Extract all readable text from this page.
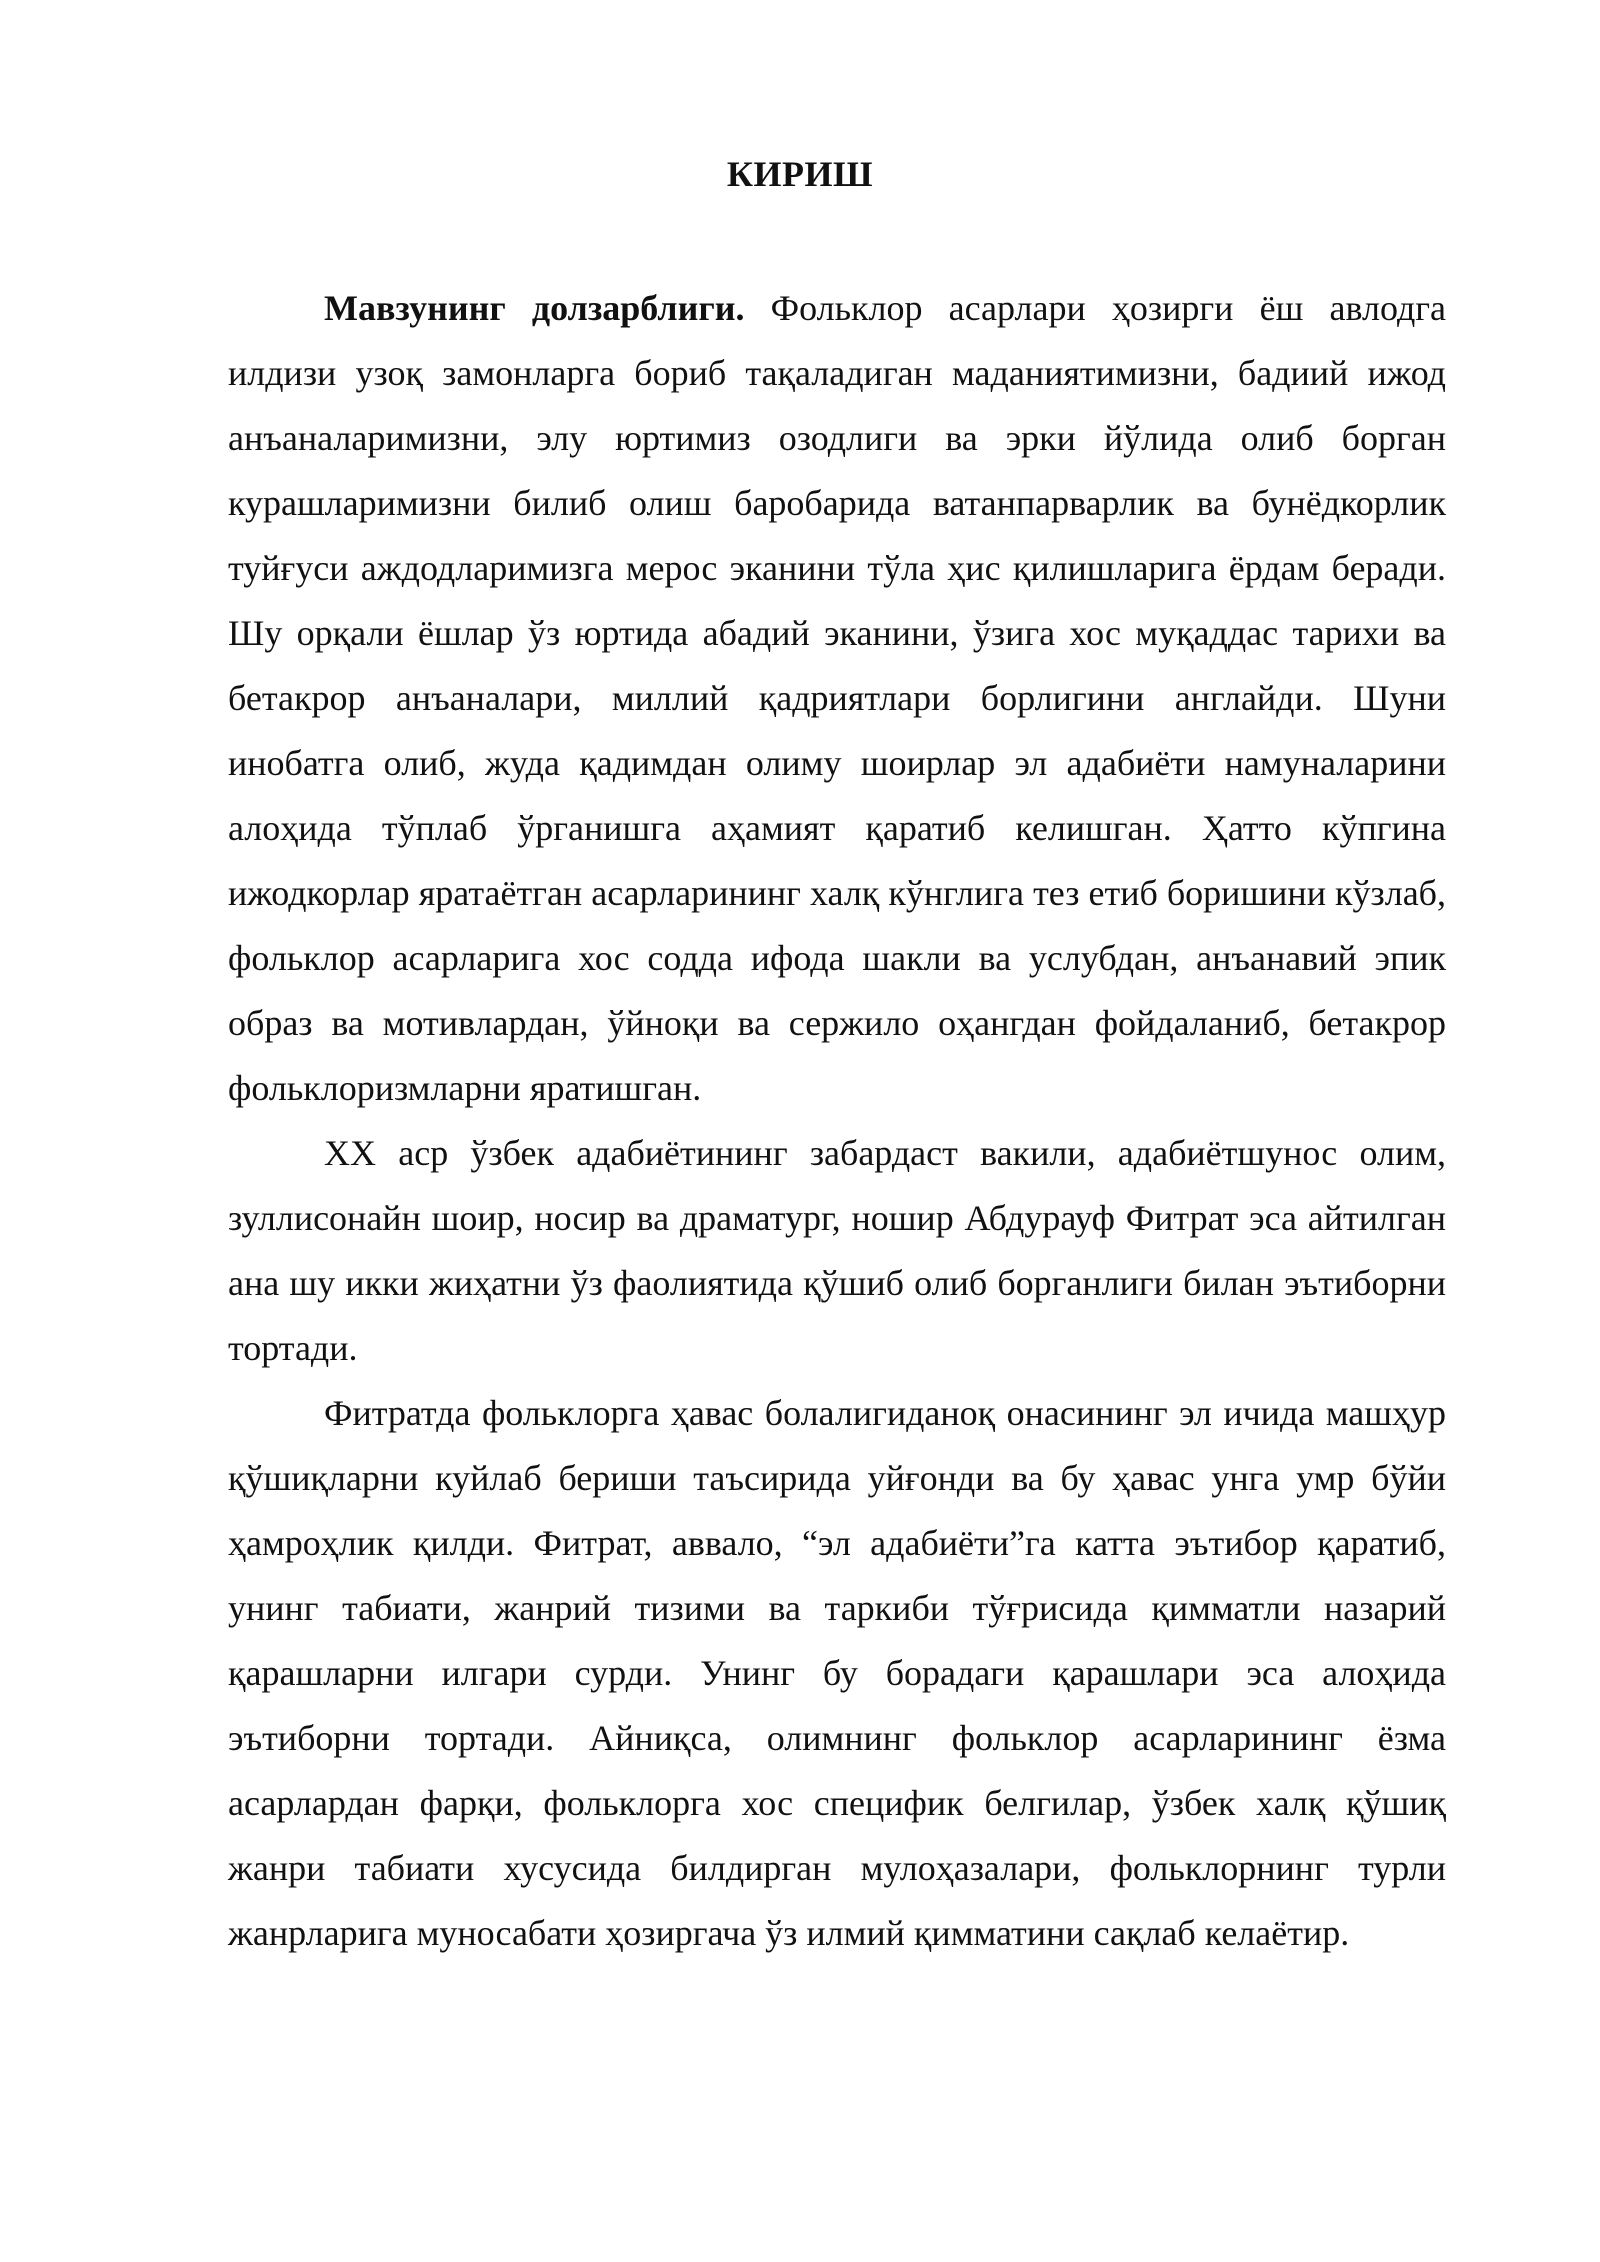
КИРИШ

Мавзунинг долзарблиги. Фольклор асарлари ҳозирги ёш авлодга илдизи узоқ замонларга бориб тақаладиган маданиятимизни, бадиий ижод анъаналаримизни, элу юртимиз озодлиги ва эрки йўлида олиб борган курашларимизни билиб олиш баробарида ватанпарварлик ва бунёдкорлик туйғуси аждодларимизга мерос эканини тўла ҳис қилишларига ёрдам беради. Шу орқали ёшлар ўз юртида абадий эканини, ўзига хос муқаддас тарихи ва бетакрор анъаналари, миллий қадриятлари борлигини англайди. Шуни инобатга олиб, жуда қадимдан олиму шоирлар эл адабиёти намуналарини алоҳида тўплаб ўрганишга аҳамият қаратиб келишган. Ҳатто кўпгина ижодкорлар яратаётган асарларининг халқ кўнглига тез етиб боришини кўзлаб, фольклор асарларига хос содда ифода шакли ва услубдан, анъанавий эпик образ ва мотивлардан, ўйноқи ва сержило оҳангдан фойдаланиб, бетакрор фольклоризмларни яратишган.

XX аср ўзбек адабиётининг забардаст вакили, адабиётшунос олим, зуллисонайн шоир, носир ва драматург, ношир Абдурауф Фитрат эса айтилган ана шу икки жиҳатни ўз фаолиятида қўшиб олиб борганлиги билан эътиборни тортади.

Фитратда фольклорга ҳавас болалигиданоқ онасининг эл ичида машҳур қўшиқларни куйлаб бериши таъсирида уйғонди ва бу ҳавас унга умр бўйи ҳамроҳлик қилди. Фитрат, аввало, “эл адабиёти”га катта эътибор қаратиб, унинг табиати, жанрий тизими ва таркиби тўғрисида қимматли назарий қарашларни илгари сурди. Унинг бу борадаги қарашлари эса алоҳида эътиборни тортади. Айниқса, олимнинг фольклор асарларининг ёзма асарлардан фарқи, фольклорга хос специфик белгилар, ўзбек халқ қўшиқ жанри табиати хусусида билдирган мулоҳазалари, фольклорнинг турли жанрларига муносабати ҳозиргача ўз илмий қимматини сақлаб келаётир.
